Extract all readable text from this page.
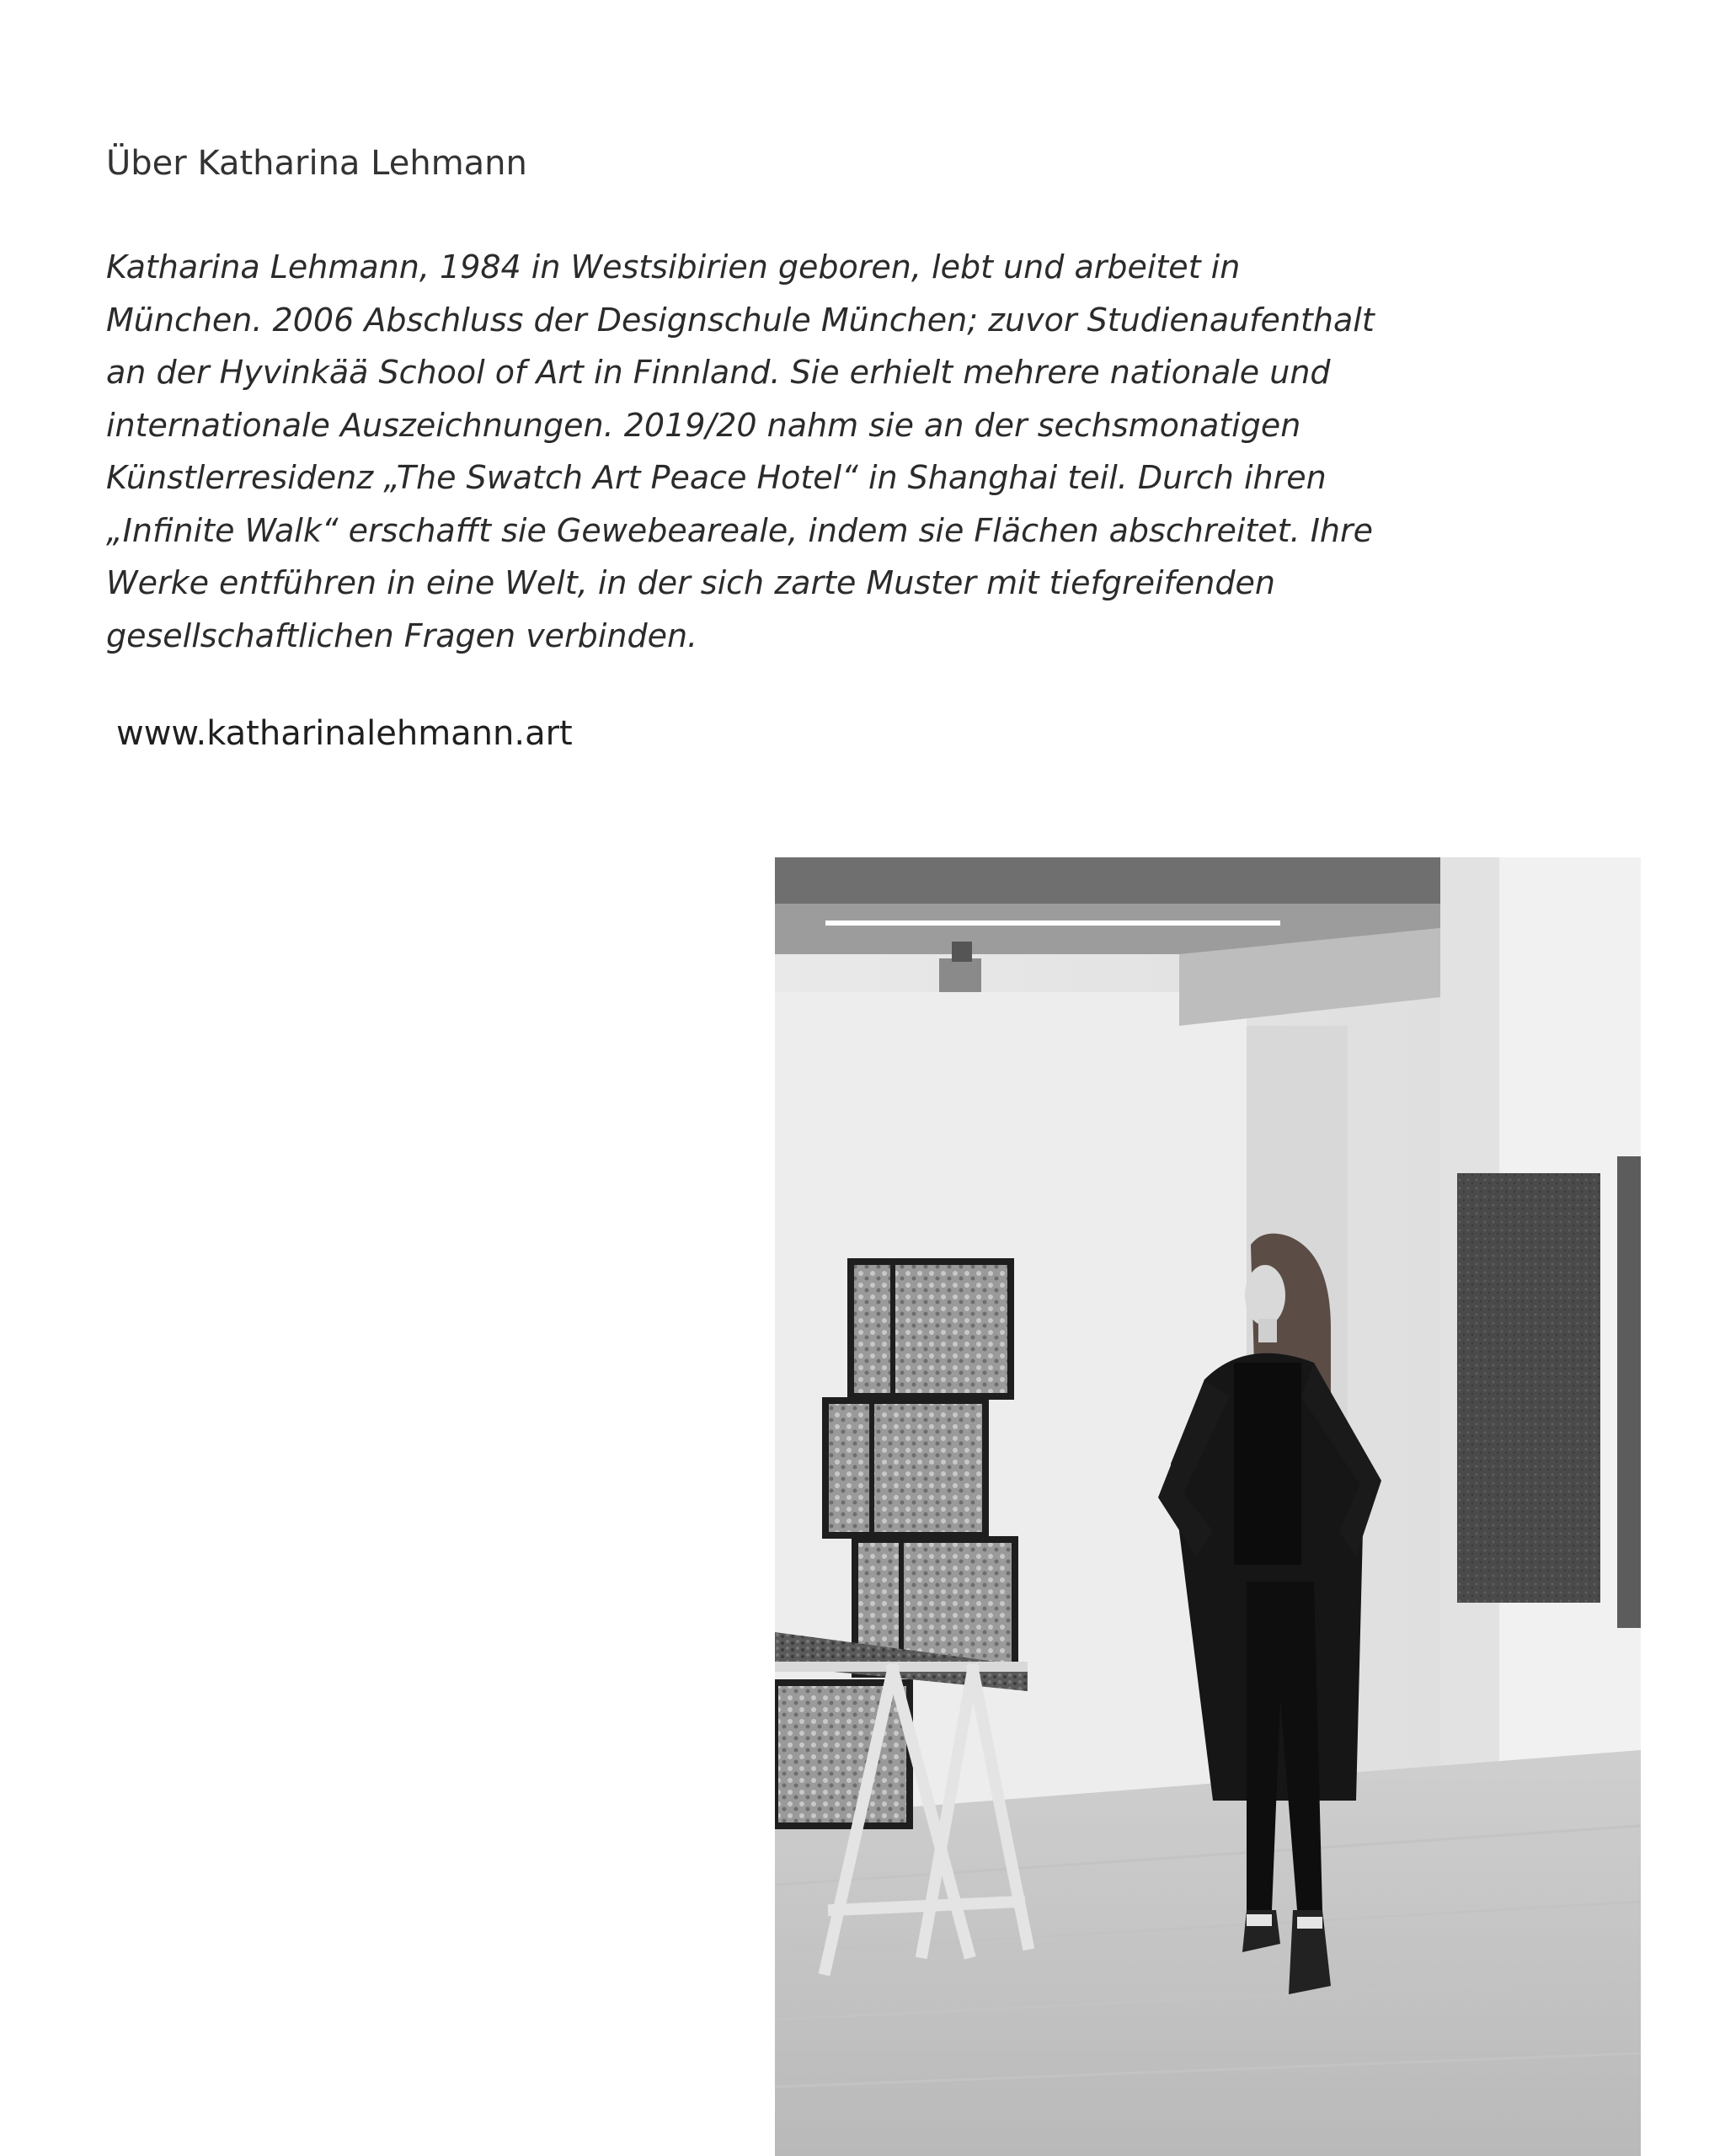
Über Katharina Lehmann

Katharina Lehmann, 1984 in Westsibirien geboren, lebt und arbeitet in
München. 2006 Abschluss der Designschule München; zuvor Studienaufenthalt
an der Hyvinkää School of Art in Finnland. Sie erhielt mehrere nationale und
internationale Auszeichnungen. 2019/20 nahm sie an der sechsmonatigen
Künstlerresidenz „The Swatch Art Peace Hotel“ in Shanghai teil. Durch ihren
„Infinite Walk“ erschafft sie Gewebeareale, indem sie Flächen abschreitet. Ihre
Werke entführen in eine Welt, in der sich zarte Muster mit tiefgreifenden
gesellschaftlichen Fragen verbinden.

www.katharinalehmann.art
